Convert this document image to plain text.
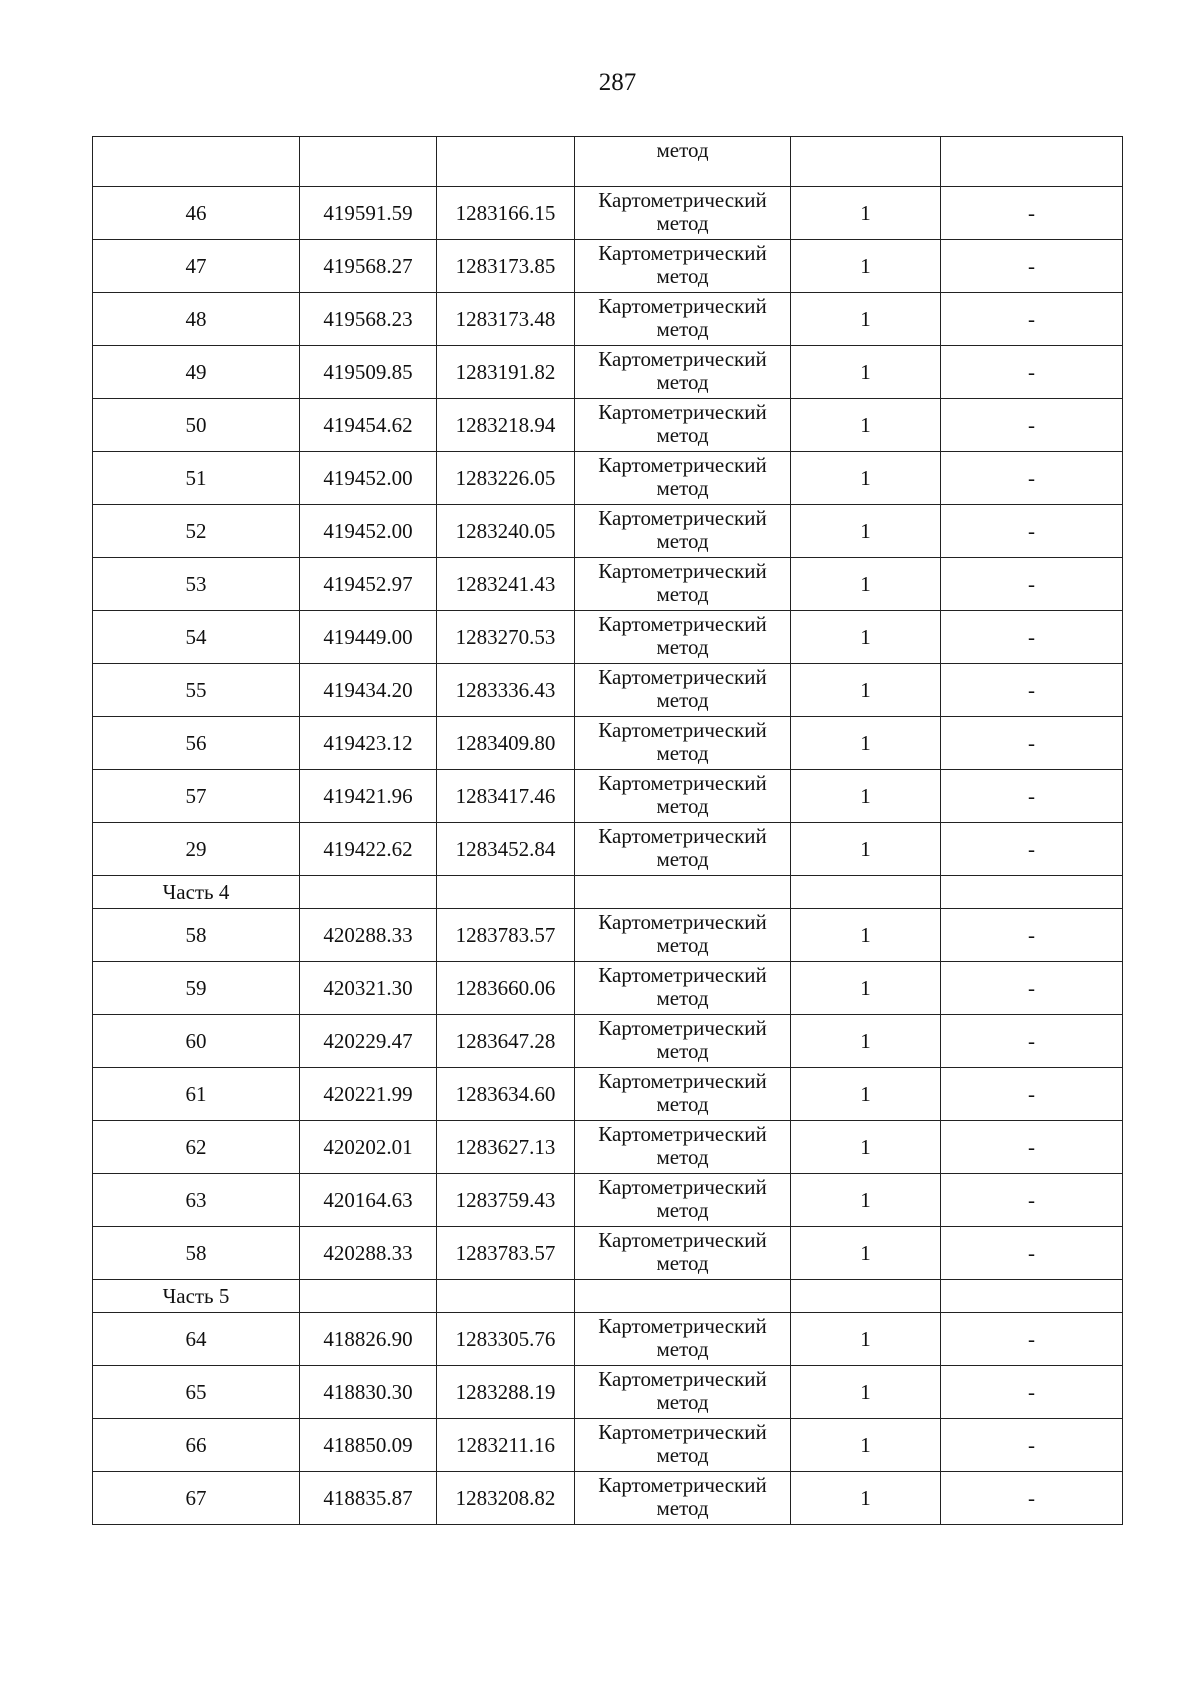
287

			метод		

46	419591.59	1283166.15	Картометрический
метод	1	-
47	419568.27	1283173.85	Картометрический
метод	1	-
48	419568.23	1283173.48	Картометрический
метод	1	-
49	419509.85	1283191.82	Картометрический
метод	1	-
50	419454.62	1283218.94	Картометрический
метод	1	-
51	419452.00	1283226.05	Картометрический
метод	1	-
52	419452.00	1283240.05	Картометрический
метод	1	-
53	419452.97	1283241.43	Картометрический
метод	1	-
54	419449.00	1283270.53	Картометрический
метод	1	-
55	419434.20	1283336.43	Картометрический
метод	1	-
56	419423.12	1283409.80	Картометрический
метод	1	-
57	419421.96	1283417.46	Картометрический
метод	1	-
29	419422.62	1283452.84	Картометрический
метод	1	-
Часть 4					
58	420288.33	1283783.57	Картометрический
метод	1	-
59	420321.30	1283660.06	Картометрический
метод	1	-
60	420229.47	1283647.28	Картометрический
метод	1	-
61	420221.99	1283634.60	Картометрический
метод	1	-
62	420202.01	1283627.13	Картометрический
метод	1	-
63	420164.63	1283759.43	Картометрический
метод	1	-
58	420288.33	1283783.57	Картометрический
метод	1	-
Часть 5					
64	418826.90	1283305.76	Картометрический
метод	1	-
65	418830.30	1283288.19	Картометрический
метод	1	-
66	418850.09	1283211.16	Картометрический
метод	1	-
67	418835.87	1283208.82	Картометрический
метод	1	-
